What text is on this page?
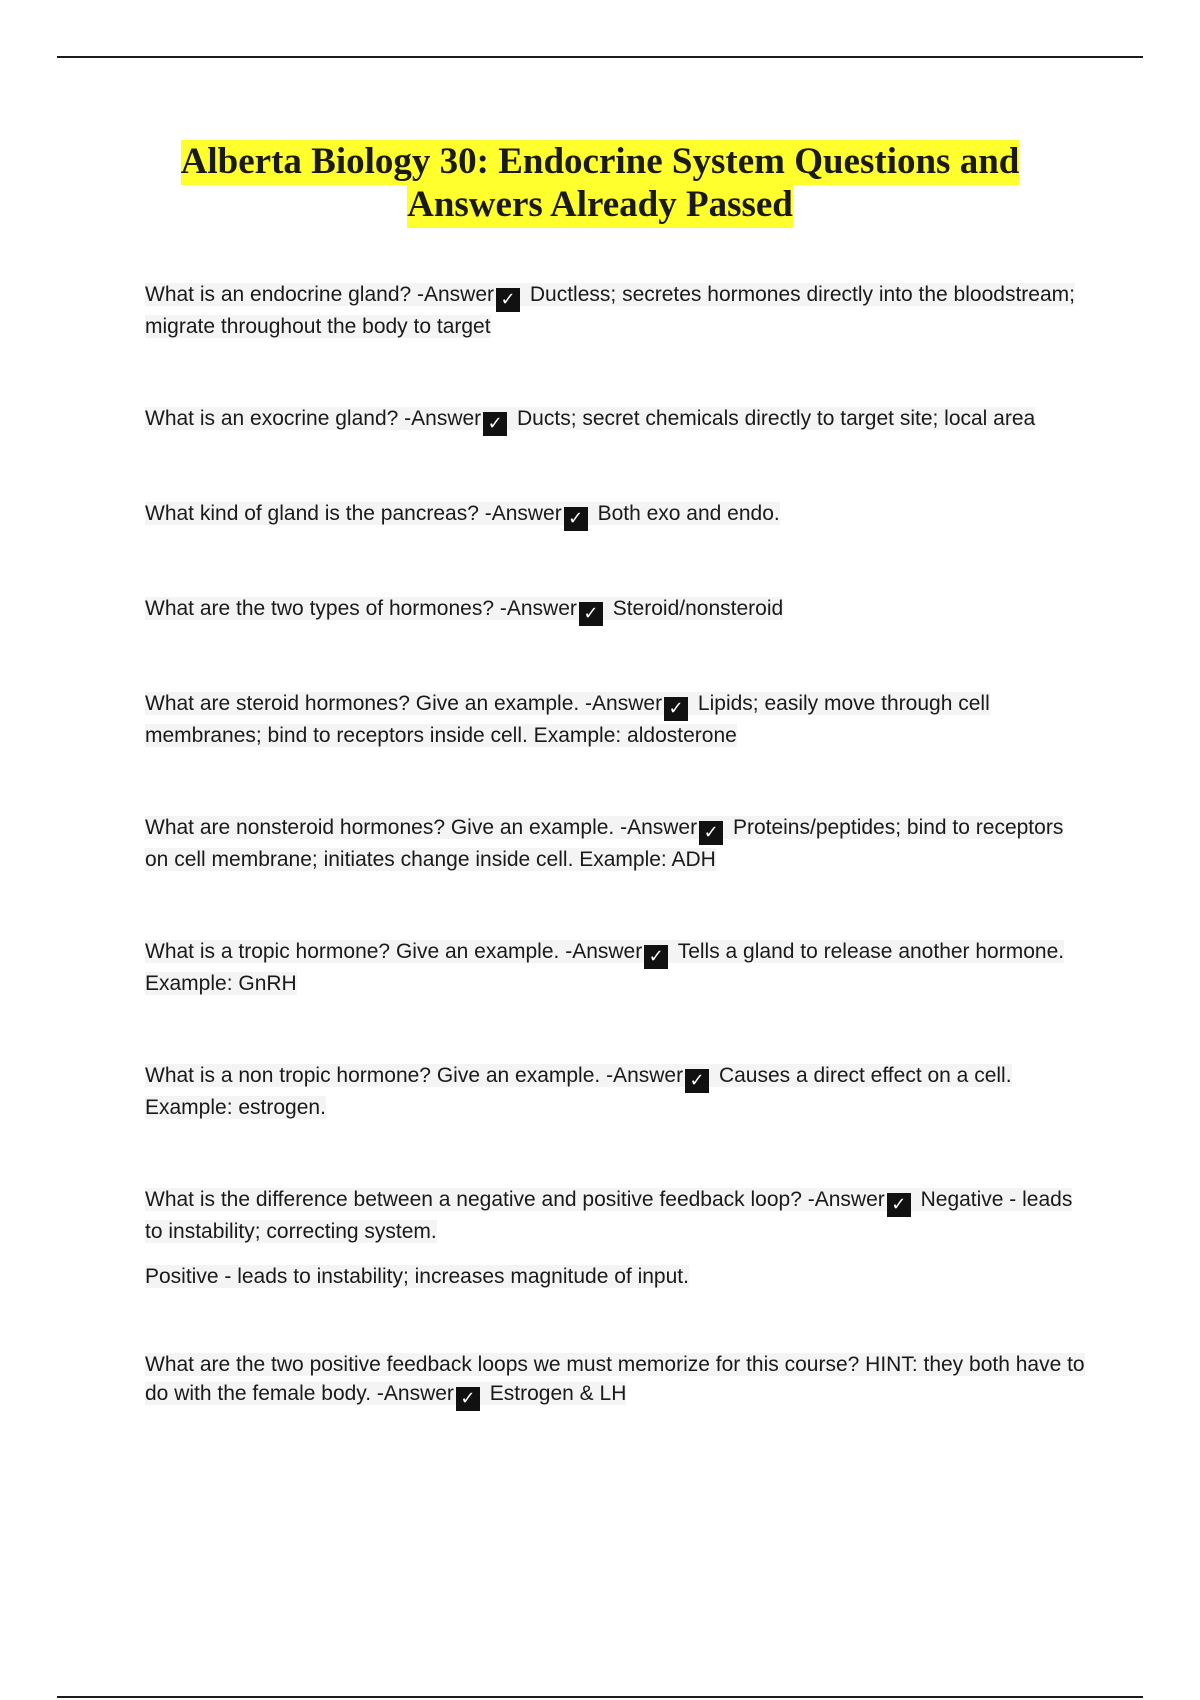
Alberta Biology 30: Endocrine System Questions and
Answers Already Passed
What is an endocrine gland? -Answer ✓ Ductless; secretes hormones directly into the bloodstream; migrate throughout the body to target
What is an exocrine gland? -Answer ✓ Ducts; secret chemicals directly to target site; local area
What kind of gland is the pancreas? -Answer ✓ Both exo and endo.
What are the two types of hormones? -Answer ✓ Steroid/nonsteroid
What are steroid hormones? Give an example. -Answer ✓ Lipids; easily move through cell membranes; bind to receptors inside cell. Example: aldosterone
What are nonsteroid hormones? Give an example. -Answer ✓ Proteins/peptides; bind to receptors on cell membrane; initiates change inside cell. Example: ADH
What is a tropic hormone? Give an example. -Answer ✓ Tells a gland to release another hormone. Example: GnRH
What is a non tropic hormone? Give an example. -Answer ✓ Causes a direct effect on a cell. Example: estrogen.
What is the difference between a negative and positive feedback loop? -Answer ✓ Negative - leads to instability; correcting system.
Positive - leads to instability; increases magnitude of input.
What are the two positive feedback loops we must memorize for this course? HINT: they both have to do with the female body. -Answer ✓ Estrogen & LH
